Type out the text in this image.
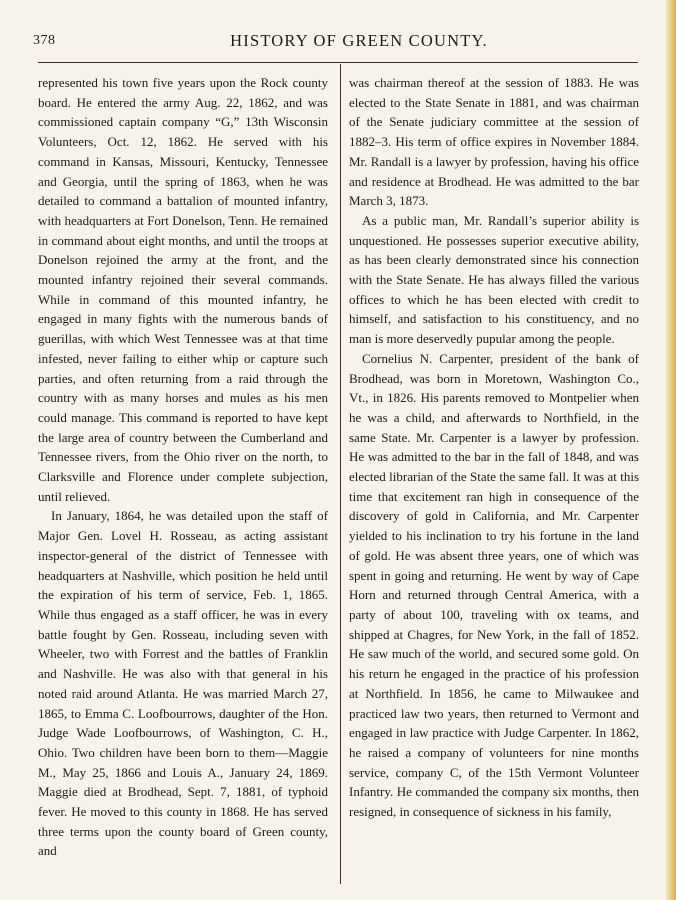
378	HISTORY OF GREEN COUNTY.

represented his town five years upon the Rock county board. He entered the army Aug. 22, 1862, and was commissioned captain company “G,” 13th Wisconsin Volunteers, Oct. 12, 1862. He served with his command in Kansas, Missouri, Kentucky, Tennessee and Georgia, until the spring of 1863, when he was detailed to command a battalion of mounted infantry, with headquarters at Fort Donelson, Tenn. He remained in command about eight months, and until the troops at Donelson rejoined the army at the front, and the mounted infantry rejoined their several commands. While in command of this mounted infantry, he engaged in many fights with the numerous bands of guerillas, with which West Tennessee was at that time infested, never failing to either whip or capture such parties, and often returning from a raid through the country with as many horses and mules as his men could manage. This command is reported to have kept the large area of country between the Cumberland and Tennessee rivers, from the Ohio river on the north, to Clarksville and Florence under complete subjection, until relieved.

In January, 1864, he was detailed upon the staff of Major Gen. Lovel H. Rosseau, as acting assistant inspector-general of the district of Tennessee with headquarters at Nashville, which position he held until the expiration of his term of service, Feb. 1, 1865. While thus engaged as a staff officer, he was in every battle fought by Gen. Rosseau, including seven with Wheeler, two with Forrest and the battles of Franklin and Nashville. He was also with that general in his noted raid around Atlanta. He was married March 27, 1865, to Emma C. Loofbourrows, daughter of the Hon. Judge Wade Loofbourrows, of Washington, C. H., Ohio. Two children have been born to them—Maggie M., May 25, 1866 and Louis A., January 24, 1869. Maggie died at Brodhead, Sept. 7, 1881, of typhoid fever. He moved to this county in 1868. He has served three terms upon the county board of Green county, and

was chairman thereof at the session of 1883. He was elected to the State Senate in 1881, and was chairman of the Senate judiciary committee at the session of 1882–3. His term of office expires in November 1884. Mr. Randall is a lawyer by profession, having his office and residence at Brodhead. He was admitted to the bar March 3, 1873.

As a public man, Mr. Randall’s superior ability is unquestioned. He possesses superior executive ability, as has been clearly demonstrated since his connection with the State Senate. He has always filled the various offices to which he has been elected with credit to himself, and satisfaction to his constituency, and no man is more deservedly pupular among the people.

Cornelius N. Carpenter, president of the bank of Brodhead, was born in Moretown, Washington Co., Vt., in 1826. His parents removed to Montpelier when he was a child, and afterwards to Northfield, in the same State. Mr. Carpenter is a lawyer by profession. He was admitted to the bar in the fall of 1848, and was elected librarian of the State the same fall. It was at this time that excitement ran high in consequence of the discovery of gold in California, and Mr. Carpenter yielded to his inclination to try his fortune in the land of gold. He was absent three years, one of which was spent in going and returning. He went by way of Cape Horn and returned through Central America, with a party of about 100, traveling with ox teams, and shipped at Chagres, for New York, in the fall of 1852. He saw much of the world, and secured some gold. On his return he engaged in the practice of his profession at Northfield. In 1856, he came to Milwaukee and practiced law two years, then returned to Vermont and engaged in law practice with Judge Carpenter. In 1862, he raised a company of volunteers for nine months service, company C, of the 15th Vermont Volunteer Infantry. He commanded the company six months, then resigned, in consequence of sickness in his family,
